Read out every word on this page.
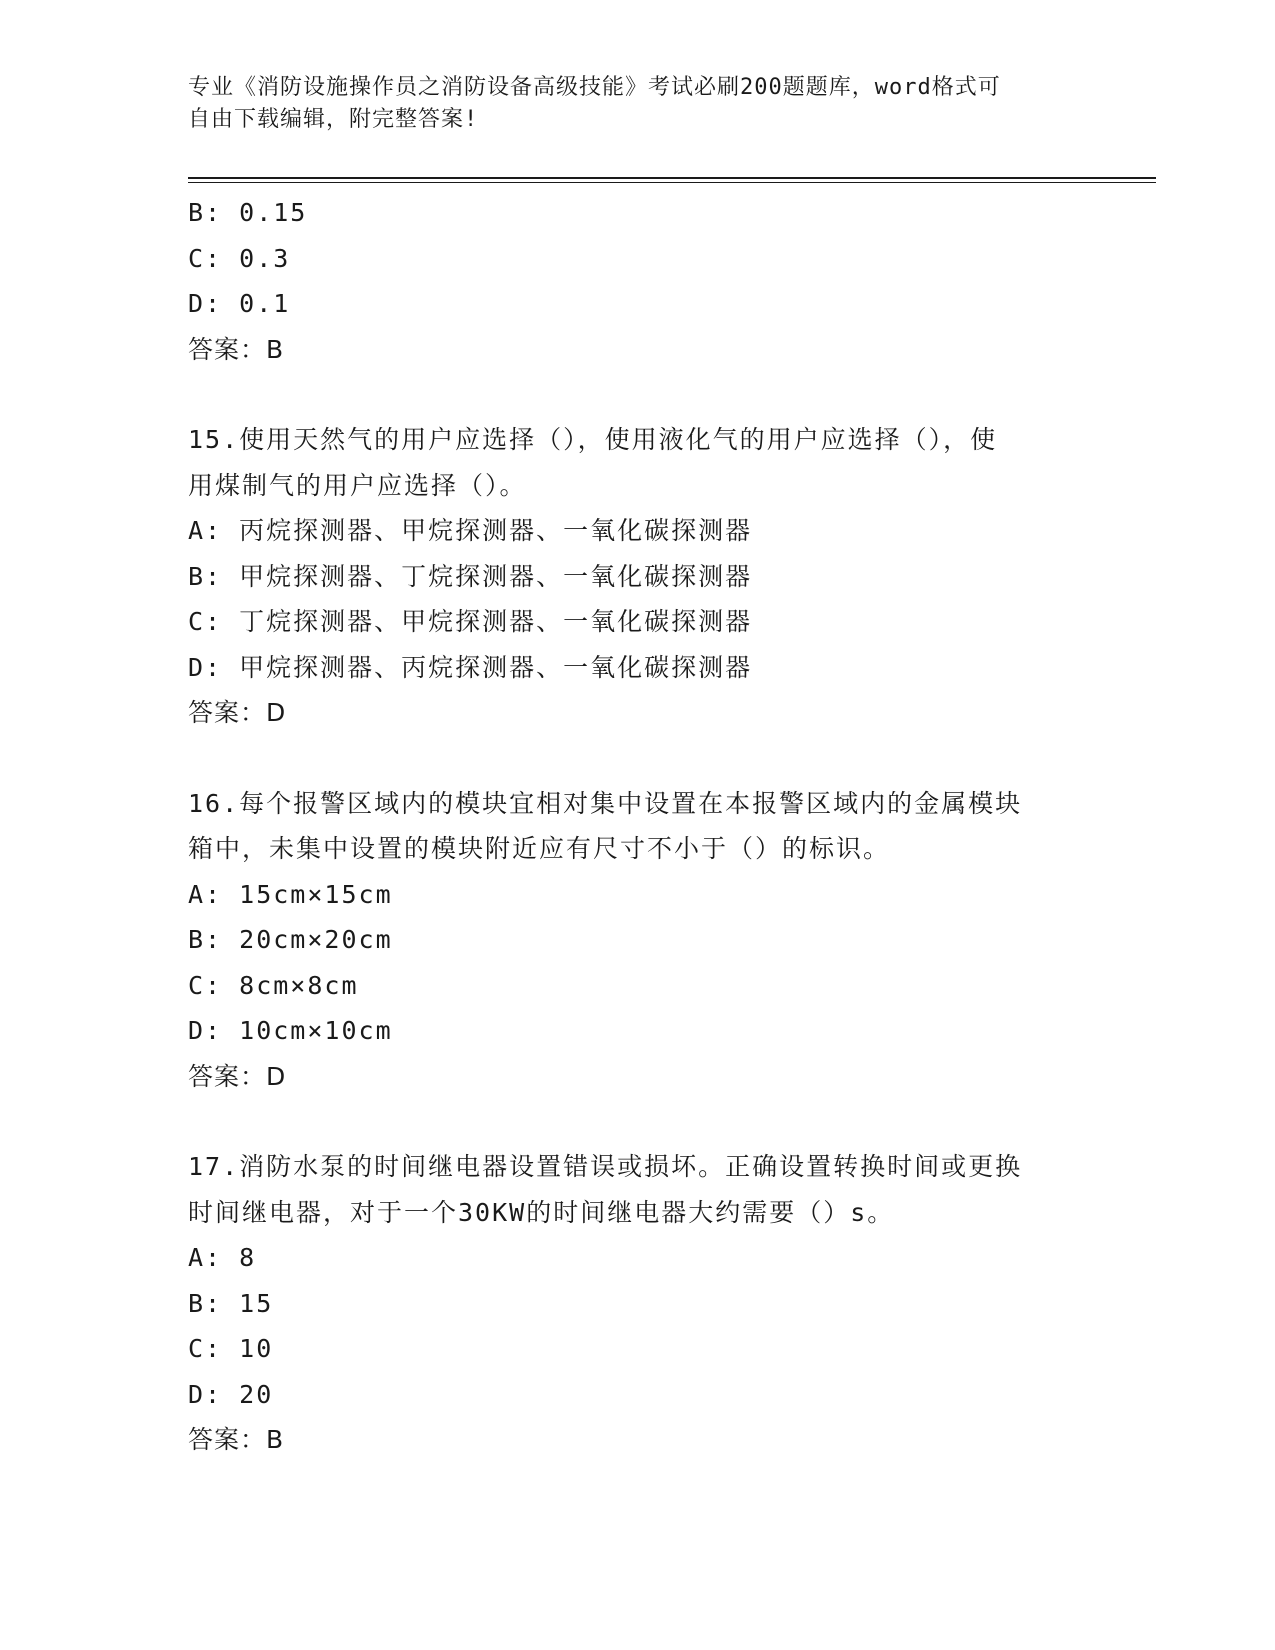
专业《消防设施操作员之消防设备高级技能》考试必刷200题题库，word格式可
自由下载编辑，附完整答案!
B: 0.15
C: 0.3
D: 0.1
答案：B
15.使用天然气的用户应选择（），使用液化气的用户应选择（），使
用煤制气的用户应选择（）。
A: 丙烷探测器、甲烷探测器、一氧化碳探测器
B: 甲烷探测器、丁烷探测器、一氧化碳探测器
C: 丁烷探测器、甲烷探测器、一氧化碳探测器
D: 甲烷探测器、丙烷探测器、一氧化碳探测器
答案：D
16.每个报警区域内的模块宜相对集中设置在本报警区域内的金属模块
箱中，未集中设置的模块附近应有尺寸不小于（）的标识。
A: 15cm×15cm
B: 20cm×20cm
C: 8cm×8cm
D: 10cm×10cm
答案：D
17.消防水泵的时间继电器设置错误或损坏。正确设置转换时间或更换
时间继电器，对于一个30KW的时间继电器大约需要（）s。
A: 8
B: 15
C: 10
D: 20
答案：B
